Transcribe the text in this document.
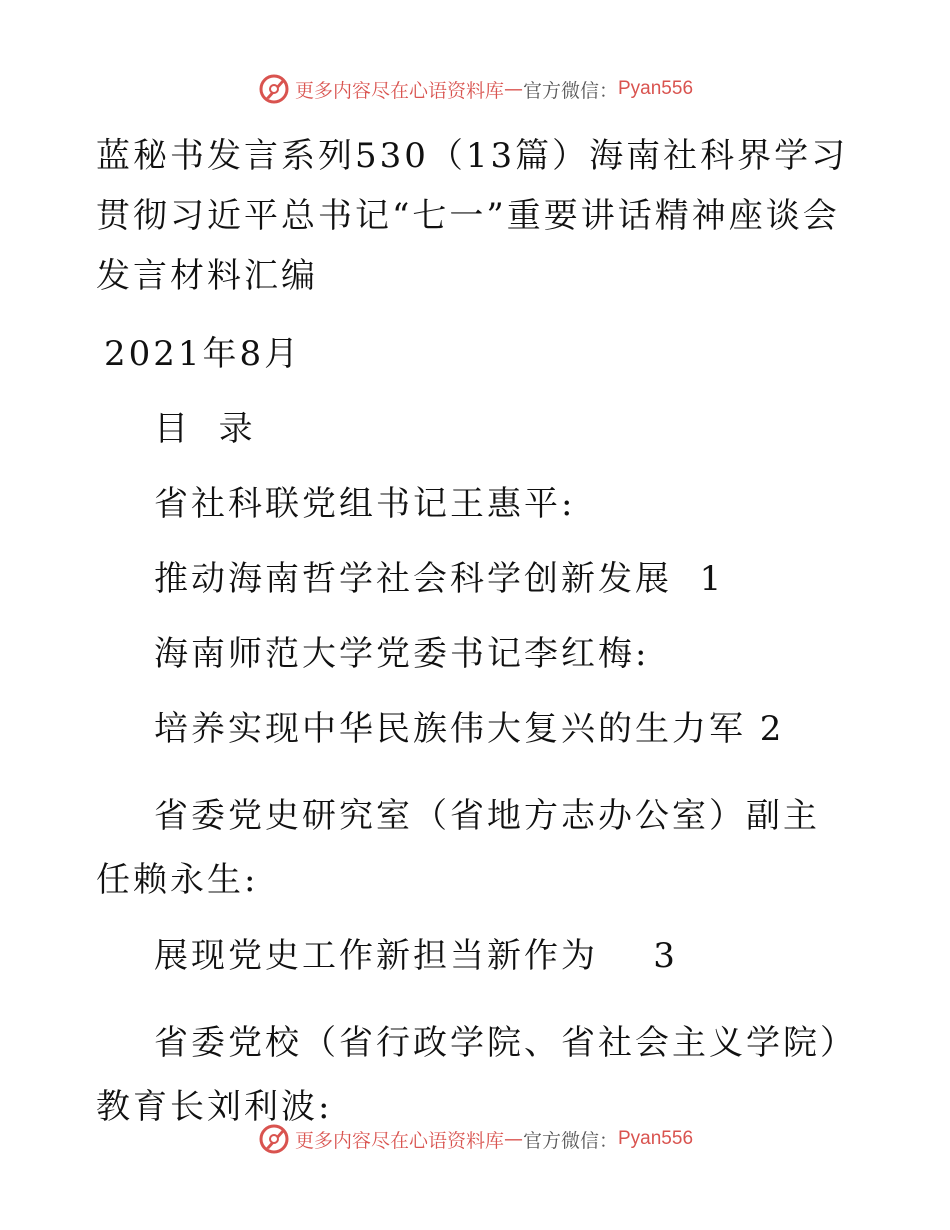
更多内容尽在心语资料库 — 官方微信： Pyan556

蓝秘书发言系列530（13篇）海南社科界学习贯彻习近平总书记“七一”重要讲话精神座谈会发言材料汇编

2021年8月

目  录

省社科联党组书记王惠平:

推动海南哲学社会科学创新发展  1

海南师范大学党委书记李红梅:

培养实现中华民族伟大复兴的生力军 2

省委党史研究室（省地方志办公室）副主任赖永生:

展现党史工作新担当新作为    3

省委党校（省行政学院、省社会主义学院）教育长刘利波:

更多内容尽在心语资料库 — 官方微信： Pyan556
